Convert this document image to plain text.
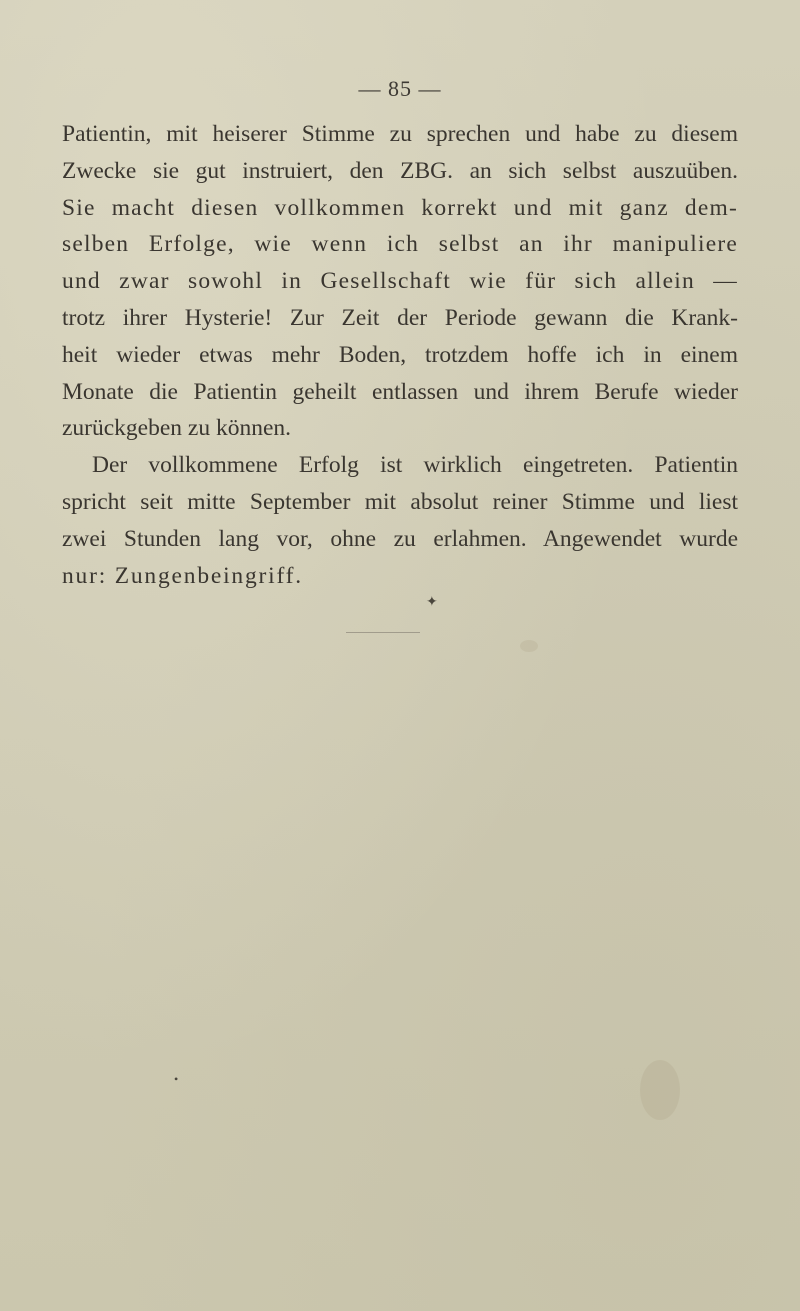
— 85 —
Patientin, mit heiserer Stimme zu sprechen und habe zu diesem
Zwecke sie gut instruiert, den ZBG. an sich selbst auszuüben.
Sie macht diesen vollkommen korrekt und mit ganz dem-
selben Erfolge, wie wenn ich selbst an ihr manipuliere
und zwar sowohl in Gesellschaft wie für sich allein —
trotz ihrer Hysterie! Zur Zeit der Periode gewann die Krank-
heit wieder etwas mehr Boden, trotzdem hoffe ich in einem
Monate die Patientin geheilt entlassen und ihrem Berufe wieder
zurückgeben zu können.
Der vollkommene Erfolg ist wirklich eingetreten. Patientin
spricht seit mitte September mit absolut reiner Stimme und liest
zwei Stunden lang vor, ohne zu erlahmen. Angewendet wurde
nur: Zungenbeingriff.
✦
•
